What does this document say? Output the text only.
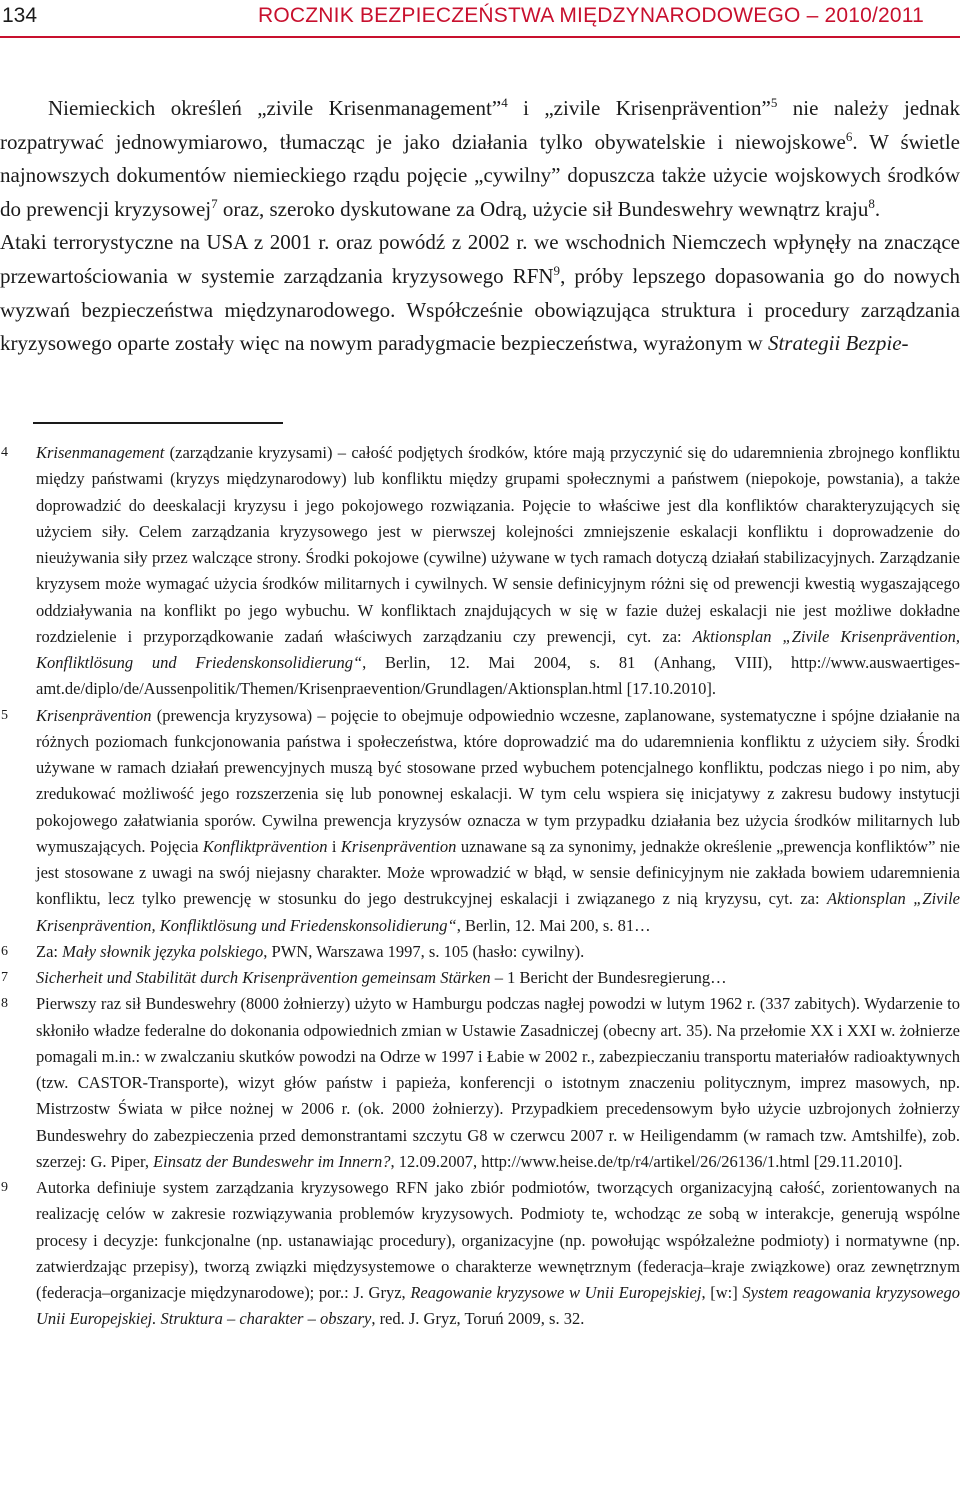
134	ROCZNIK BEZPIECZEŃSTWA MIĘDZYNARODOWEGO – 2010/2011

Niemieckich określeń „zivile Krisenmanagement”$^4$ i „zivile Krisenprävention”$^5$ nie należy jednak rozpatrywać jednowymiarowo, tłumacząc je jako działania tylko obywatelskie i niewojskowe$^6$. W świetle najnowszych dokumentów niemieckiego rządu pojęcie „cywilny” dopuszcza także użycie wojskowych środków do prewencji kryzysowej$^7$ oraz, szeroko dyskutowane za Odrą, użycie sił Bundeswehry wewnątrz kraju$^8$.

Ataki terrorystyczne na USA z 2001 r. oraz powódź z 2002 r. we wschodnich Niemczech wpłynęły na znaczące przewartościowania w systemie zarządzania kryzysowego RFN$^9$, próby lepszego dopasowania go do nowych wyzwań bezpieczeństwa międzynarodowego. Współcześnie obowiązująca struktura i procedury zarządzania kryzysowego oparte zostały więc na nowym paradygmacie bezpieczeństwa, wyrażonym w Strategii Bezpie-

4 Krisenmanagement (zarządzanie kryzysami) – całość podjętych środków, które mają przyczynić się do udaremnienia zbrojnego konfliktu między państwami (kryzys międzynarodowy) lub konfliktu między grupami społecznymi a państwem (niepokoje, powstania), a także doprowadzić do deeskalacji kryzysu i jego pokojowego rozwiązania. Pojęcie to właściwe jest dla konfliktów charakteryzujących się użyciem siły. Celem zarządzania kryzysowego jest w pierwszej kolejności zmniejszenie eskalacji konfliktu i doprowadzenie do nieużywania siły przez walczące strony. Środki pokojowe (cywilne) używane w tych ramach dotyczą działań stabilizacyjnych. Zarządzanie kryzysem może wymagać użycia środków militarnych i cywilnych. W sensie definicyjnym różni się od prewencji kwestią wygaszającego oddziaływania na konflikt po jego wybuchu. W konfliktach znajdujących w się w fazie dużej eskalacji nie jest możliwe dokładne rozdzielenie i przyporządkowanie zadań właściwych zarządzaniu czy prewencji, cyt. za: Aktionsplan „Zivile Krisenprävention, Konfliktlösung und Friedenskonsolidierung“, Berlin, 12. Mai 2004, s. 81 (Anhang, VIII), http://www.auswaertiges-amt.de/diplo/de/Aussenpolitik/Themen/Krisenpraevention/Grundlagen/Aktionsplan.html [17.10.2010].

5 Krisenprävention (prewencja kryzysowa) – pojęcie to obejmuje odpowiednio wczesne, zaplanowane, systematyczne i spójne działanie na różnych poziomach funkcjonowania państwa i społeczeństwa, które doprowadzić ma do udaremnienia konfliktu z użyciem siły. Środki używane w ramach działań prewencyjnych muszą być stosowane przed wybuchem potencjalnego konfliktu, podczas niego i po nim, aby zredukować możliwość jego rozszerzenia się lub ponownej eskalacji. W tym celu wspiera się inicjatywy z zakresu budowy instytucji pokojowego załatwiania sporów. Cywilna prewencja kryzysów oznacza w tym przypadku działania bez użycia środków militarnych lub wymuszających. Pojęcia Konfliktprävention i Krisenprävention uznawane są za synonimy, jednakże określenie „prewencja konfliktów” nie jest stosowane z uwagi na swój niejasny charakter. Może wprowadzić w błąd, w sensie definicyjnym nie zakłada bowiem udaremnienia konfliktu, lecz tylko prewencję w stosunku do jego destrukcyjnej eskalacji i związanego z nią kryzysu, cyt. za: Aktionsplan „Zivile Krisenprävention, Konfliktlösung und Friedenskonsolidierung“, Berlin, 12. Mai 200, s. 81…

6 Za: Mały słownik języka polskiego, PWN, Warszawa 1997, s. 105 (hasło: cywilny).

7 Sicherheit und Stabilität durch Krisenprävention gemeinsam Stärken – 1 Bericht der Bundesregierung…

8 Pierwszy raz sił Bundeswehry (8000 żołnierzy) użyto w Hamburgu podczas nagłej powodzi w lutym 1962 r. (337 zabitych). Wydarzenie to skłoniło władze federalne do dokonania odpowiednich zmian w Ustawie Zasadniczej (obecny art. 35). Na przełomie XX i XXI w. żołnierze pomagali m.in.: w zwalczaniu skutków powodzi na Odrze w 1997 i Łabie w 2002 r., zabezpieczaniu transportu materiałów radioaktywnych (tzw. CASTOR-Transporte), wizyt głów państw i papieża, konferencji o istotnym znaczeniu politycznym, imprez masowych, np. Mistrzostw Świata w piłce nożnej w 2006 r. (ok. 2000 żołnierzy). Przypadkiem precedensowym było użycie uzbrojonych żołnierzy Bundeswehry do zabezpieczenia przed demonstrantami szczytu G8 w czerwcu 2007 r. w Heiligendamm (w ramach tzw. Amtshilfe), zob. szerzej: G. Piper, Einsatz der Bundeswehr im Innern?, 12.09.2007, http://www.heise.de/tp/r4/artikel/26/26136/1.html [29.11.2010].

9 Autorka definiuje system zarządzania kryzysowego RFN jako zbiór podmiotów, tworzących organizacyjną całość, zorientowanych na realizację celów w zakresie rozwiązywania problemów kryzysowych. Podmioty te, wchodząc ze sobą w interakcje, generują wspólne procesy i decyzje: funkcjonalne (np. ustanawiając procedury), organizacyjne (np. powołując współzależne podmioty) i normatywne (np. zatwierdzając przepisy), tworzą związki międzysystemowe o charakterze wewnętrznym (federacja–kraje związkowe) oraz zewnętrznym (federacja–organizacje międzynarodowe); por.: J. Gryz, Reagowanie kryzysowe w Unii Europejskiej, [w:] System reagowania kryzysowego Unii Europejskiej. Struktura – charakter – obszary, red. J. Gryz, Toruń 2009, s. 32.
